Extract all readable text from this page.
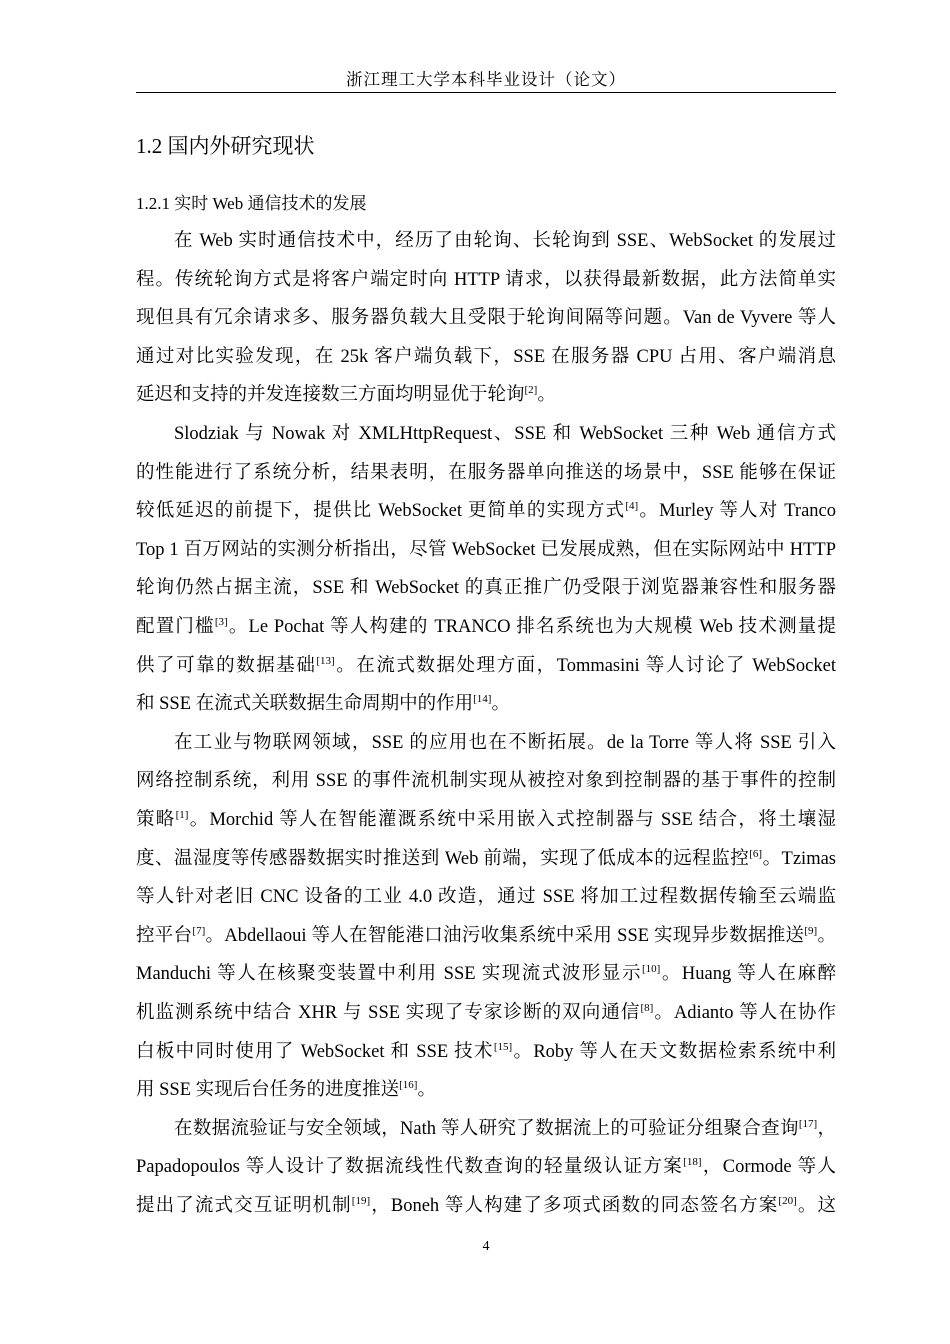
浙江理工大学本科毕业设计（论文）
1.2 国内外研究现状
1.2.1 实时 Web 通信技术的发展
在 Web 实时通信技术中，经历了由轮询、长轮询到 SSE、WebSocket 的发展过
程。传统轮询方式是将客户端定时向 HTTP 请求，以获得最新数据，此方法简单实
现但具有冗余请求多、服务器负载大且受限于轮询间隔等问题。Van de Vyvere 等人
通过对比实验发现，在 25k 客户端负载下，SSE 在服务器 CPU 占用、客户端消息
延迟和支持的并发连接数三方面均明显优于轮询[2]。
Slodziak 与 Nowak 对 XMLHttpRequest、SSE 和 WebSocket 三种 Web 通信方式
的性能进行了系统分析，结果表明，在服务器单向推送的场景中，SSE 能够在保证
较低延迟的前提下，提供比 WebSocket 更简单的实现方式[4]。Murley 等人对 Tranco
Top 1 百万网站的实测分析指出，尽管 WebSocket 已发展成熟，但在实际网站中 HTTP
轮询仍然占据主流，SSE 和 WebSocket 的真正推广仍受限于浏览器兼容性和服务器
配置门槛[3]。Le Pochat 等人构建的 TRANCO 排名系统也为大规模 Web 技术测量提
供了可靠的数据基础[13]。在流式数据处理方面，Tommasini 等人讨论了 WebSocket
和 SSE 在流式关联数据生命周期中的作用[14]。
在工业与物联网领域，SSE 的应用也在不断拓展。de la Torre 等人将 SSE 引入
网络控制系统，利用 SSE 的事件流机制实现从被控对象到控制器的基于事件的控制
策略[1]。Morchid 等人在智能灌溉系统中采用嵌入式控制器与 SSE 结合，将土壤湿
度、温湿度等传感器数据实时推送到 Web 前端，实现了低成本的远程监控[6]。Tzimas
等人针对老旧 CNC 设备的工业 4.0 改造，通过 SSE 将加工过程数据传输至云端监
控平台[7]。Abdellaoui 等人在智能港口油污收集系统中采用 SSE 实现异步数据推送[9]。
Manduchi 等人在核聚变装置中利用 SSE 实现流式波形显示[10]。Huang 等人在麻醉
机监测系统中结合 XHR 与 SSE 实现了专家诊断的双向通信[8]。Adianto 等人在协作
白板中同时使用了 WebSocket 和 SSE 技术[15]。Roby 等人在天文数据检索系统中利
用 SSE 实现后台任务的进度推送[16]。
在数据流验证与安全领域，Nath 等人研究了数据流上的可验证分组聚合查询[17]，
Papadopoulos 等人设计了数据流线性代数查询的轻量级认证方案[18]，Cormode 等人
提出了流式交互证明机制[19]，Boneh 等人构建了多项式函数的同态签名方案[20]。这
4
